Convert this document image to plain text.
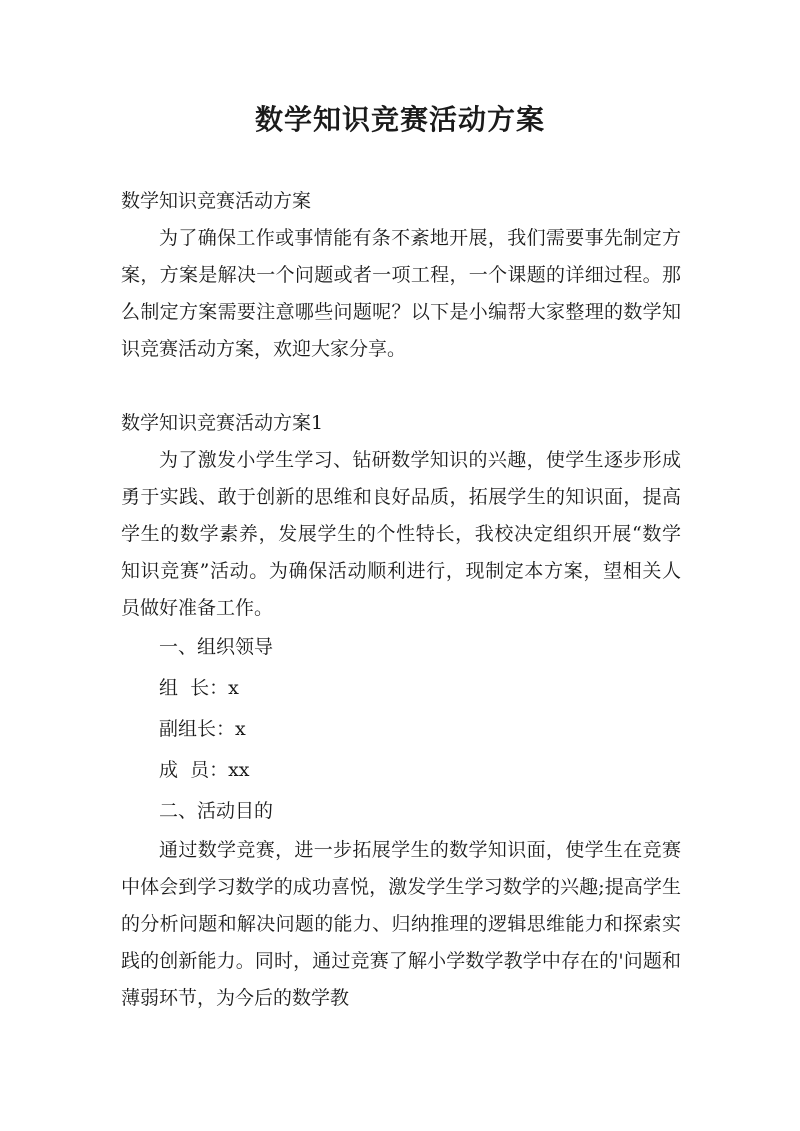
数学知识竞赛活动方案

数学知识竞赛活动方案

为了确保工作或事情能有条不紊地开展，我们需要事先制定方案，方案是解决一个问题或者一项工程，一个课题的详细过程。那么制定方案需要注意哪些问题呢？以下是小编帮大家整理的数学知识竞赛活动方案，欢迎大家分享。

数学知识竞赛活动方案1

为了激发小学生学习、钻研数学知识的兴趣，使学生逐步形成勇于实践、敢于创新的思维和良好品质，拓展学生的知识面，提高学生的数学素养，发展学生的个性特长，我校决定组织开展“数学知识竞赛”活动。为确保活动顺利进行，现制定本方案，望相关人员做好准备工作。

一、组织领导

组  长：x

副组长：x

成  员：xx

二、活动目的

通过数学竞赛，进一步拓展学生的数学知识面，使学生在竞赛中体会到学习数学的成功喜悦，激发学生学习数学的兴趣;提高学生的分析问题和解决问题的能力、归纳推理的逻辑思维能力和探索实践的创新能力。同时，通过竞赛了解小学数学教学中存在的'问题和薄弱环节，为今后的数学教
